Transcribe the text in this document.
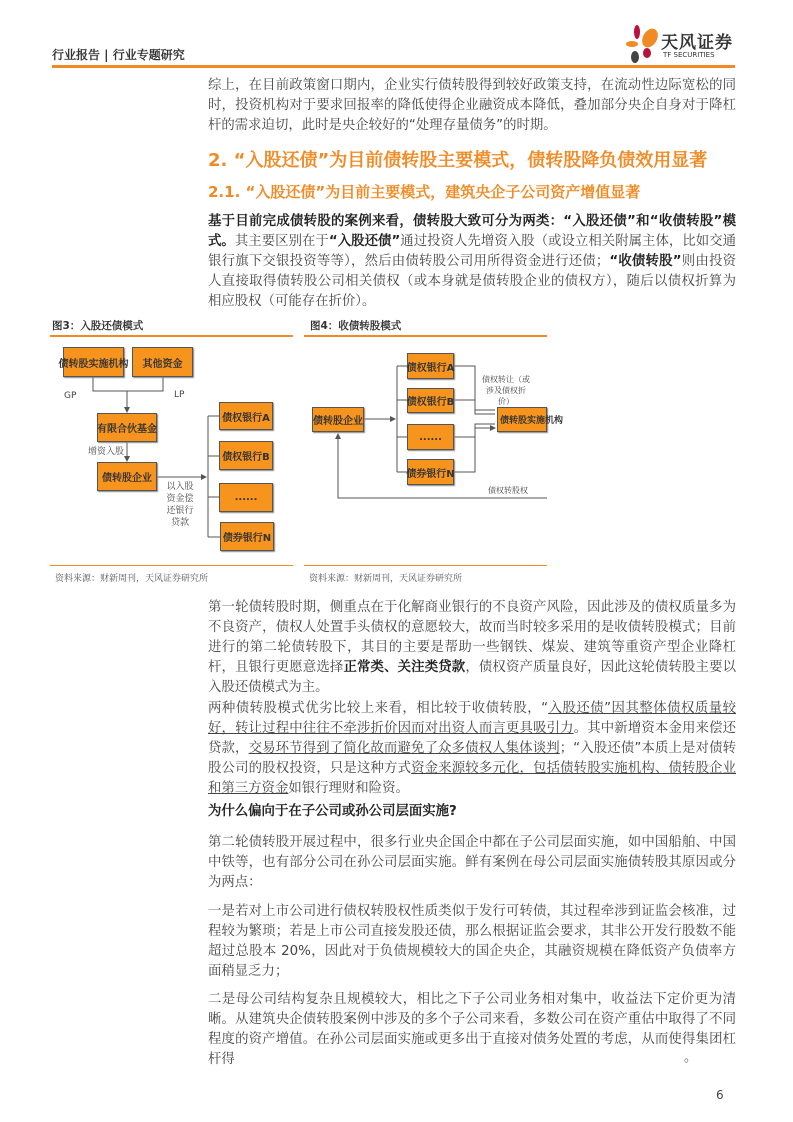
行业报告 | 行业专题研究
天风证券
TF SECURITIES
综上，在目前政策窗口期内，企业实行债转股得到较好政策支持，在流动性边际宽松的同时，投资机构对于要求回报率的降低使得企业融资成本降低，叠加部分央企自身对于降杠杆的需求迫切，此时是央企较好的“处理存量债务”的时期。
2. “入股还债”为目前债转股主要模式，债转股降负债效用显著
2.1. “入股还债”为目前主要模式，建筑央企子公司资产增值显著
基于目前完成债转股的案例来看，债转股大致可分为两类：“入股还债”和“收债转股”模式。其主要区别在于“入股还债”通过投资人先增资入股（或设立相关附属主体，比如交通银行旗下交银投资等等），然后由债转股公司用所得资金进行还债；“收债转股”则由投资人直接取得债转股公司相关债权（或本身就是债转股企业的债权方），随后以债权折算为相应股权（可能存在折价）。
图3：入股还债模式
债转股实施机构	其他资金
GP	LP
有限合伙基金
增资入股
债转股企业
以入股资金偿还银行贷款
债权银行A
债权银行B
......
债券银行N
债转股企业
债权银行A
债权银行B
......
债券银行N
债权转让（或涉及债权折价）
债转股实施机构
债权转股权
资料来源：财新周刊，天风证券研究所
图4：收债转股模式
资料来源：财新周刊，天风证券研究所
第一轮债转股时期，侧重点在于化解商业银行的不良资产风险，因此涉及的债权质量多为不良资产，债权人处置手头债权的意愿较大，故而当时较多采用的是收债转股模式；目前进行的第二轮债转股下，其目的主要是帮助一些钢铁、煤炭、建筑等重资产型企业降杠杆，且银行更愿意选择正常类、关注类贷款，债权资产质量良好，因此这轮债转股主要以入股还债模式为主。
两种债转股模式优劣比较上来看，相比较于收债转股，“入股还债”因其整体债权质量较好，转让过程中往往不牵涉折价因而对出资人而言更具吸引力。其中新增资本金用来偿还贷款，交易环节得到了简化故而避免了众多债权人集体谈判；“入股还债”本质上是对债转股公司的股权投资，只是这种方式资金来源较多元化，包括债转股实施机构、债转股企业和第三方资金如银行理财和险资。
为什么偏向于在子公司或孙公司层面实施?
第二轮债转股开展过程中，很多行业央企国企中都在子公司层面实施，如中国船舶、中国中铁等，也有部分公司在孙公司层面实施。鲜有案例在母公司层面实施债转股其原因或分为两点：
一是若对上市公司进行债权转股权性质类似于发行可转债，其过程牵涉到证监会核准，过程较为繁琐；若是上市公司直接发股还债，那么根据证监会要求，其非公开发行股数不能超过总股本 20%，因此对于负债规模较大的国企央企，其融资规模在降低资产负债率方面稍显乏力；
二是母公司结构复杂且规模较大，相比之下子公司业务相对集中，收益法下定价更为清晰。从建筑央企债转股案例中涉及的多个子公司来看，多数公司在资产重估中取得了不同程度的资产增值。在孙公司层面实施或更多出于直接对债务处置的考虑，从而使得集团杠杆得	。
6
